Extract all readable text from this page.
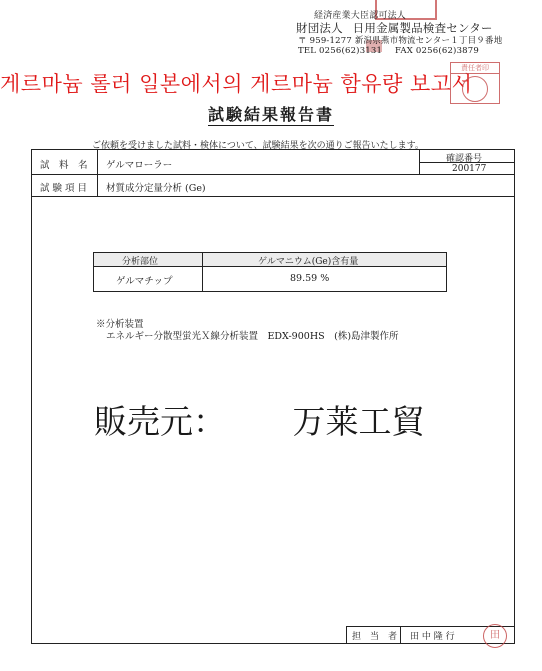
経済産業大臣認可法人
財団法人 日用金属製品検査センター
〒 959-1277 新潟県燕市物流センター１丁目９番地
TEL 0256(62)3131 FAX 0256(62)3879
게르마늄 롤러 일본에서의 게르마늄 함유량 보고서
責任者印
試験結果報告書
ご依頼を受けました試料・検体について、試験結果を次の通りご報告いたします。
試　料　名 ゲルマローラー
確認番号
200177
試 験 項 目 材質成分定量分析 (Ge)
分析部位	ゲルマニウム(Ge)含有量
ゲルマチップ	89.59 %
※分析装置
エネルギー分散型蛍光Ｘ線分析装置　EDX-900HS　(株)島津製作所
販売元： 万莱工貿
担　当　者 田 中 隆 行	田
